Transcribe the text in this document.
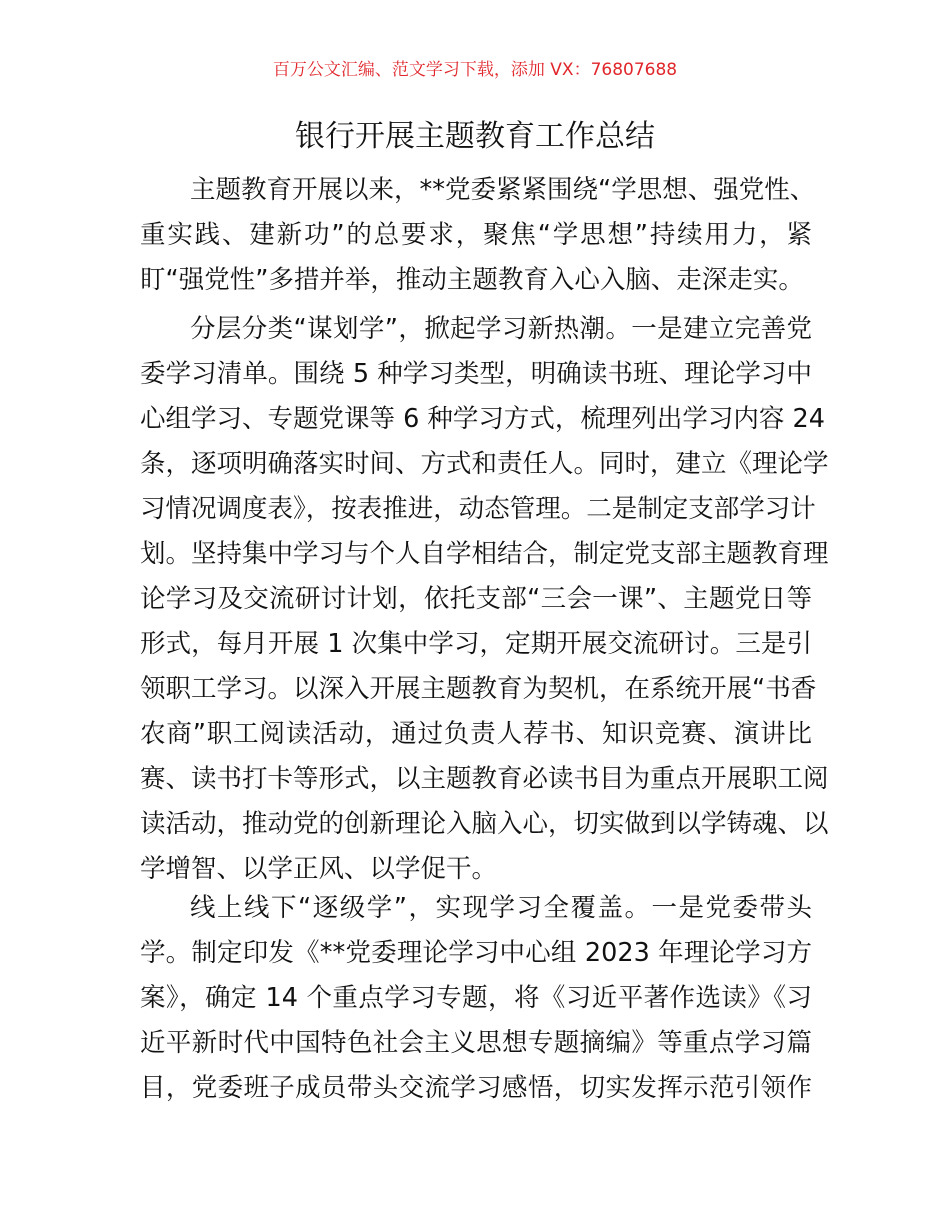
百万公文汇编、范文学习下载，添加 VX：76807688
银行开展主题教育工作总结
主题教育开展以来，**党委紧紧围绕“学思想、强党性、
重实践、建新功”的总要求，聚焦“学思想”持续用力，紧
盯“强党性”多措并举，推动主题教育入心入脑、走深走实。
分层分类“谋划学”，掀起学习新热潮。一是建立完善党
委学习清单。围绕 5 种学习类型，明确读书班、理论学习中
心组学习、专题党课等 6 种学习方式，梳理列出学习内容 24
条，逐项明确落实时间、方式和责任人。同时，建立《理论学
习情况调度表》，按表推进，动态管理。二是制定支部学习计
划。坚持集中学习与个人自学相结合，制定党支部主题教育理
论学习及交流研讨计划，依托支部“三会一课”、主题党日等
形式，每月开展 1 次集中学习，定期开展交流研讨。三是引
领职工学习。以深入开展主题教育为契机，在系统开展“书香
农商”职工阅读活动，通过负责人荐书、知识竞赛、演讲比
赛、读书打卡等形式，以主题教育必读书目为重点开展职工阅
读活动，推动党的创新理论入脑入心，切实做到以学铸魂、以
学增智、以学正风、以学促干。
线上线下“逐级学”，实现学习全覆盖。一是党委带头
学。制定印发《**党委理论学习中心组 2023 年理论学习方
案》，确定 14 个重点学习专题，将《习近平著作选读》《习
近平新时代中国特色社会主义思想专题摘编》等重点学习篇
目，党委班子成员带头交流学习感悟，切实发挥示范引领作
